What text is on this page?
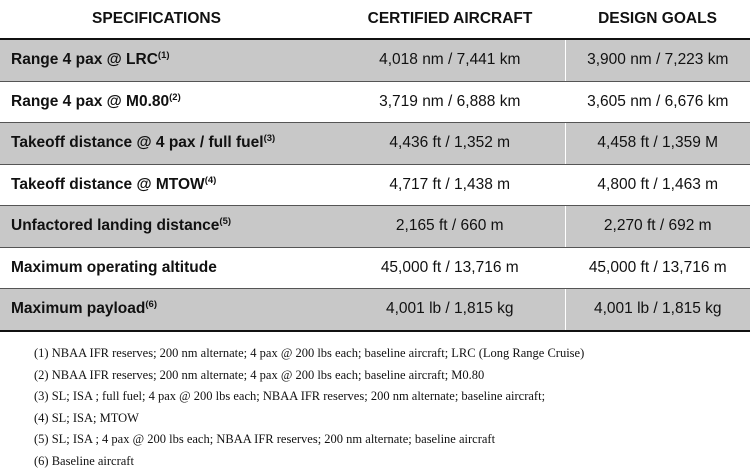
SPECIFICATIONS	CERTIFIED AIRCRAFT	DESIGN GOALS
Range 4 pax @ LRC$^{(1)}$	4,018 nm / 7,441 km	3,900 nm / 7,223 km
Range 4 pax @ M0.80$^{(2)}$	3,719 nm / 6,888 km	3,605 nm / 6,676 km
Takeoff distance @ 4 pax / full fuel$^{(3)}$	4,436 ft / 1,352 m	4,458 ft / 1,359 M
Takeoff distance @ MTOW$^{(4)}$	4,717 ft / 1,438 m	4,800 ft / 1,463 m
Unfactored landing distance$^{(5)}$	2,165 ft / 660 m	2,270 ft / 692 m
Maximum operating altitude	45,000 ft / 13,716 m	45,000 ft / 13,716 m
Maximum payload$^{(6)}$	4,001 lb / 1,815 kg	4,001 lb / 1,815 kg
(1) NBAA IFR reserves; 200 nm alternate; 4 pax @ 200 lbs each; baseline aircraft; LRC (Long Range Cruise)
(2) NBAA IFR reserves; 200 nm alternate; 4 pax @ 200 lbs each; baseline aircraft; M0.80
(3) SL; ISA ; full fuel; 4 pax @ 200 lbs each; NBAA IFR reserves; 200 nm alternate; baseline aircraft;
(4) SL; ISA; MTOW
(5) SL; ISA ; 4 pax @ 200 lbs each; NBAA IFR reserves; 200 nm alternate; baseline aircraft
(6) Baseline aircraft
